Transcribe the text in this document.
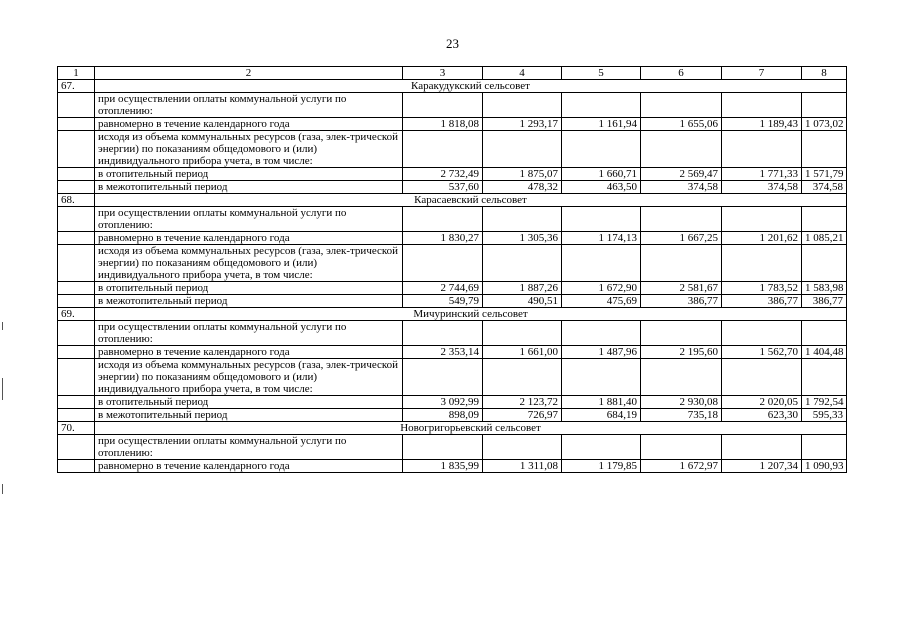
23
1	2	3	4	5	6	7	8
67.	Каракудукский сельсовет						
	при осуществлении оплаты коммунальной услуги по отоплению:						
	равномерно в течение календарного года	1 818,08	1 293,17	1 161,94	1 655,06	1 189,43	1 073,02
	исходя из объема коммунальных ресурсов (газа, элек-трической энергии) по показаниям общедомового и (или) индивидуального прибора учета, в том числе:						
	в отопительный период	2 732,49	1 875,07	1 660,71	2 569,47	1 771,33	1 571,79
	в межотопительный период	537,60	478,32	463,50	374,58	374,58	374,58
68.	Карасаевский сельсовет						
	при осуществлении оплаты коммунальной услуги по отоплению:						
	равномерно в течение календарного года	1 830,27	1 305,36	1 174,13	1 667,25	1 201,62	1 085,21
	исходя из объема коммунальных ресурсов (газа, элек-трической энергии) по показаниям общедомового и (или) индивидуального прибора учета, в том числе:						
	в отопительный период	2 744,69	1 887,26	1 672,90	2 581,67	1 783,52	1 583,98
	в межотопительный период	549,79	490,51	475,69	386,77	386,77	386,77
69.	Мичуринский сельсовет						
	при осуществлении оплаты коммунальной услуги по отоплению:						
	равномерно в течение календарного года	2 353,14	1 661,00	1 487,96	2 195,60	1 562,70	1 404,48
	исходя из объема коммунальных ресурсов (газа, элек-трической энергии) по показаниям общедомового и (или) индивидуального прибора учета, в том числе:						
	в отопительный период	3 092,99	2 123,72	1 881,40	2 930,08	2 020,05	1 792,54
	в межотопительный период	898,09	726,97	684,19	735,18	623,30	595,33
70.	Новогригорьевский сельсовет						
	при осуществлении оплаты коммунальной услуги по отоплению:						
	равномерно в течение календарного года	1 835,99	1 311,08	1 179,85	1 672,97	1 207,34	1 090,93
